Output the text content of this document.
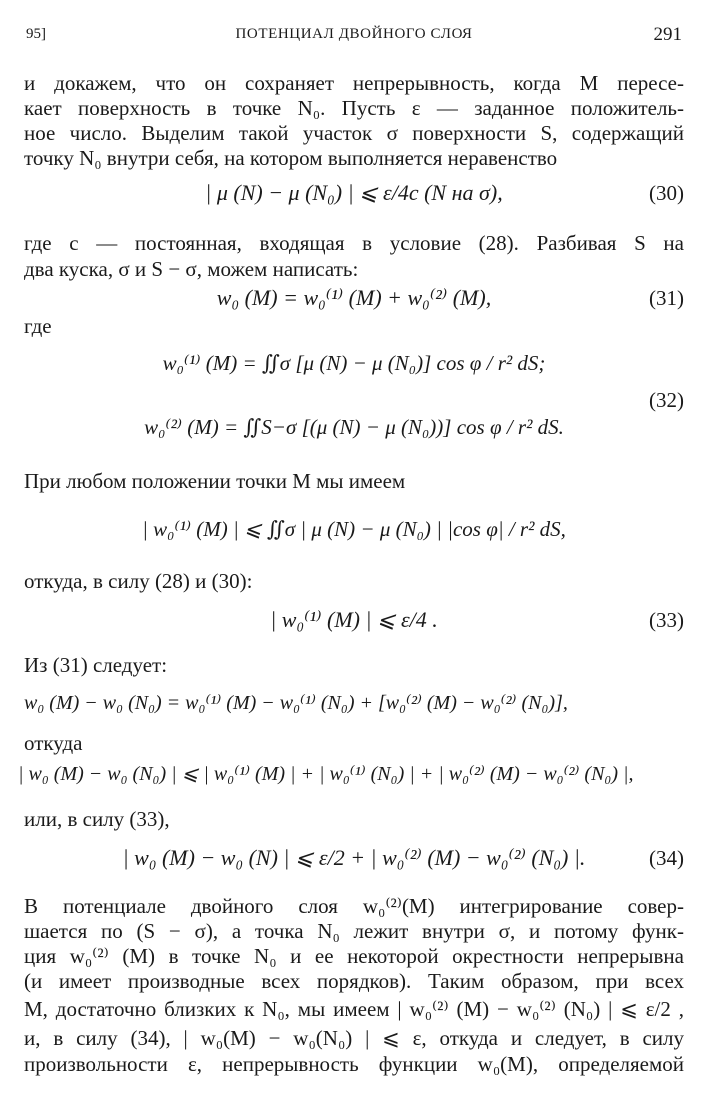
95]	ПОТЕНЦИАЛ ДВОЙНОГО СЛОЯ	291
и докажем, что он сохраняет непрерывность, когда M пересе-
кает поверхность в точке N₀. Пусть ε — заданное положитель-
ное число. Выделим такой участок σ поверхности S, содержащий
точку N₀ внутри себя, на котором выполняется неравенство
| μ (N) − μ (N₀) | ⩽ ε/4c (N на σ),	(30)
где c — постоянная, входящая в условие (28). Разбивая S на
два куска, σ и S − σ, можем написать:
w₀ (M) = w₀⁽¹⁾ (M) + w₀⁽²⁾ (M),	(31)
где
w₀⁽¹⁾ (M) = ∬σ [μ (N) − μ (N₀)] cos φ / r² dS;
w₀⁽²⁾ (M) = ∬S−σ [(μ (N) − μ (N₀))] cos φ / r² dS.
(32)
При любом положении точки M мы имеем
| w₀⁽¹⁾ (M) | ⩽ ∬σ | μ (N) − μ (N₀) | |cos φ| / r² dS,
откуда, в силу (28) и (30):
| w₀⁽¹⁾ (M) | ⩽ ε/4 .	(33)
Из (31) следует:
w₀ (M) − w₀ (N₀) = w₀⁽¹⁾ (M) − w₀⁽¹⁾ (N₀) + [w₀⁽²⁾ (M) − w₀⁽²⁾ (N₀)],
откуда
| w₀ (M) − w₀ (N₀) | ⩽ | w₀⁽¹⁾ (M) | + | w₀⁽¹⁾ (N₀) | + | w₀⁽²⁾ (M) − w₀⁽²⁾ (N₀) |,
или, в силу (33),
| w₀ (M) − w₀ (N) | ⩽ ε/2 + | w₀⁽²⁾ (M) − w₀⁽²⁾ (N₀) |.	(34)
В потенциале двойного слоя w₀⁽²⁾(M) интегрирование совер-
шается по (S − σ), а точка N₀ лежит внутри σ, и потому функ-
ция w₀⁽²⁾ (M) в точке N₀ и ее некоторой окрестности непрерывна
(и имеет производные всех порядков). Таким образом, при всех
M, достаточно близких к N₀, мы имеем | w₀⁽²⁾ (M) − w₀⁽²⁾ (N₀) | ⩽ ε/2 ,
и, в силу (34), | w₀(M) − w₀(N₀) | ⩽ ε, откуда и следует, в силу
произвольности ε, непрерывность функции w₀(M), определяемой
